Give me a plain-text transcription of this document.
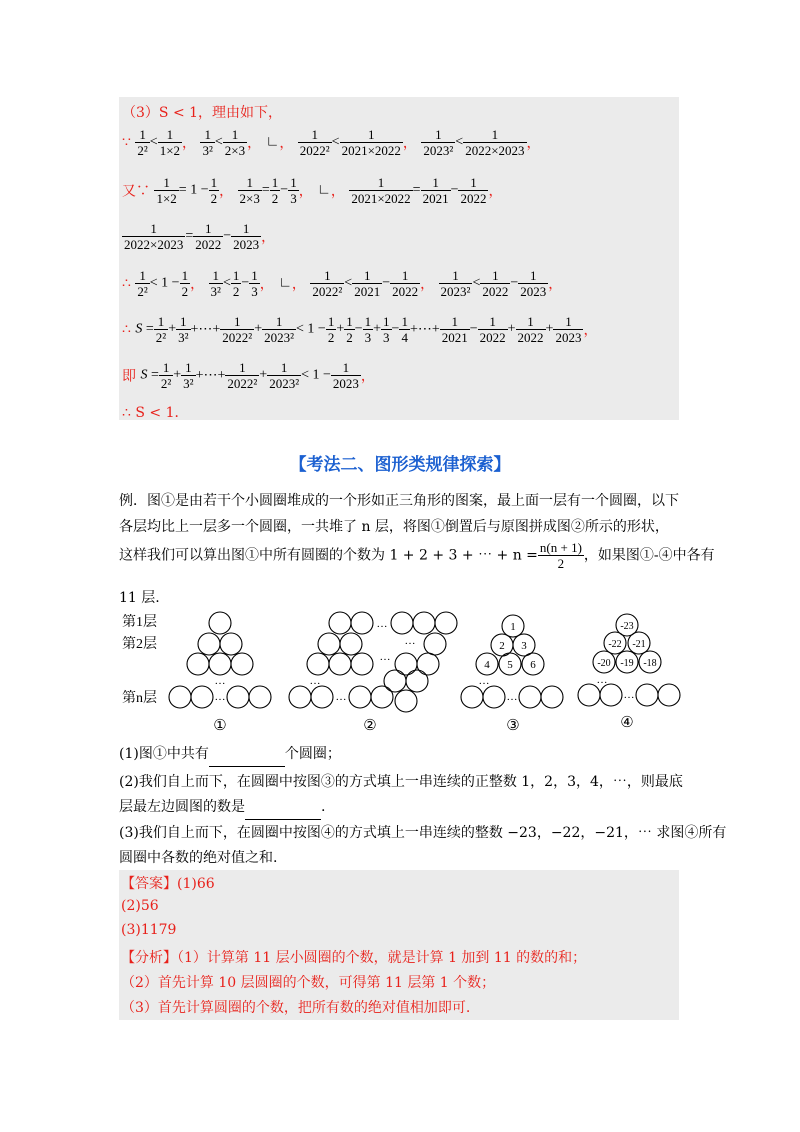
（3）S < 1，理由如下，
∵ $\frac{1}{\text{2²}} < \frac{1}{1\times 2}$ ， $\frac{1}{\text{3²}} < \frac{1}{2\times 3}$ ， ∟， $\frac{1}{\text{2022²}} < \frac{1}{2021\times 2022}$ ， $\frac{1}{\text{2023²}} < \frac{1}{2022\times 2023}$ ，
又∵ $\frac{1}{1\times 2} = 1 - \frac{1}{2}$ ， $\frac{1}{2\times 3} = \frac{1}{2} - \frac{1}{3}$ ， ∟， $\frac{1}{2021\times 2022} = \frac{1}{2021} - \frac{1}{2022}$ ，
$\frac{1}{2022\times 2023} = \frac{1}{2022} - \frac{1}{2023}$ ，
∴ $\frac{1}{\text{2²}} < 1 - \frac{1}{2}$ ， $\frac{1}{\text{3²}} < \frac{1}{2} - \frac{1}{3}$ ， ∟， $\frac{1}{\text{2022²}} < \frac{1}{2021} - \frac{1}{2022}$ ， $\frac{1}{\text{2023²}} < \frac{1}{2022} - \frac{1}{2023}$ ，
∴ $S = \frac{1}{\text{2²}} + \frac{1}{\text{3²}}$ +⋯+ $\frac{1}{\text{2022²}} + \frac{1}{\text{2023²}} < 1 - \frac{1}{2} + \frac{1}{2} - \frac{1}{3} + \frac{1}{3} - \frac{1}{4}$ +⋯+ $\frac{1}{2021} - \frac{1}{2022} + \frac{1}{2022} + \frac{1}{2023}$ ，
即 $S = \frac{1}{\text{2²}} + \frac{1}{\text{3²}}$ +⋯+ $\frac{1}{\text{2022²}} + \frac{1}{\text{2023²}} < 1 - \frac{1}{2023}$ ，
∴ S < 1．
【考法二、图形类规律探索】
例．图①是由若干个小圆圈堆成的一个形如正三角形的图案，最上面一层有一个圆圈，以下各层均比上一层多一个圆圈，一共堆了 n 层，将图①倒置后与原图拼成图②所示的形状，
这样我们可以算出图①中所有圆圈的个数为 1 + 2 + 3 + ⋯ + $n = \frac{n(n + 1)}{2}$ ，如果图①-④中各有
11 层.
第1层
第2层
第n层
…
…
…
…
…
…
…
1
2 3
4 5 6
…
…
-23
-22 -21
-20 -19 -18
…
…
①	②	③	④
(1)图①中共有	个圆圈；
(2)我们自上而下，在圆圈中按图③的方式填上一串连续的正整数 1，2，3，4，⋯，则最底
层最左边圆图的数是	.
(3)我们自上而下，在圆圈中按图④的方式填上一串连续的整数 −23，−22，−21，⋯ 求图④所有
圆圈中各数的绝对值之和.
【答案】(1)66
(2)56
(3)1179
【分析】（1）计算第 11 层小圆圈的个数，就是计算 1 加到 11 的数的和；
（2）首先计算 10 层圆圈的个数，可得第 11 层第 1 个数；
（3）首先计算圆圈的个数，把所有数的绝对值相加即可.
